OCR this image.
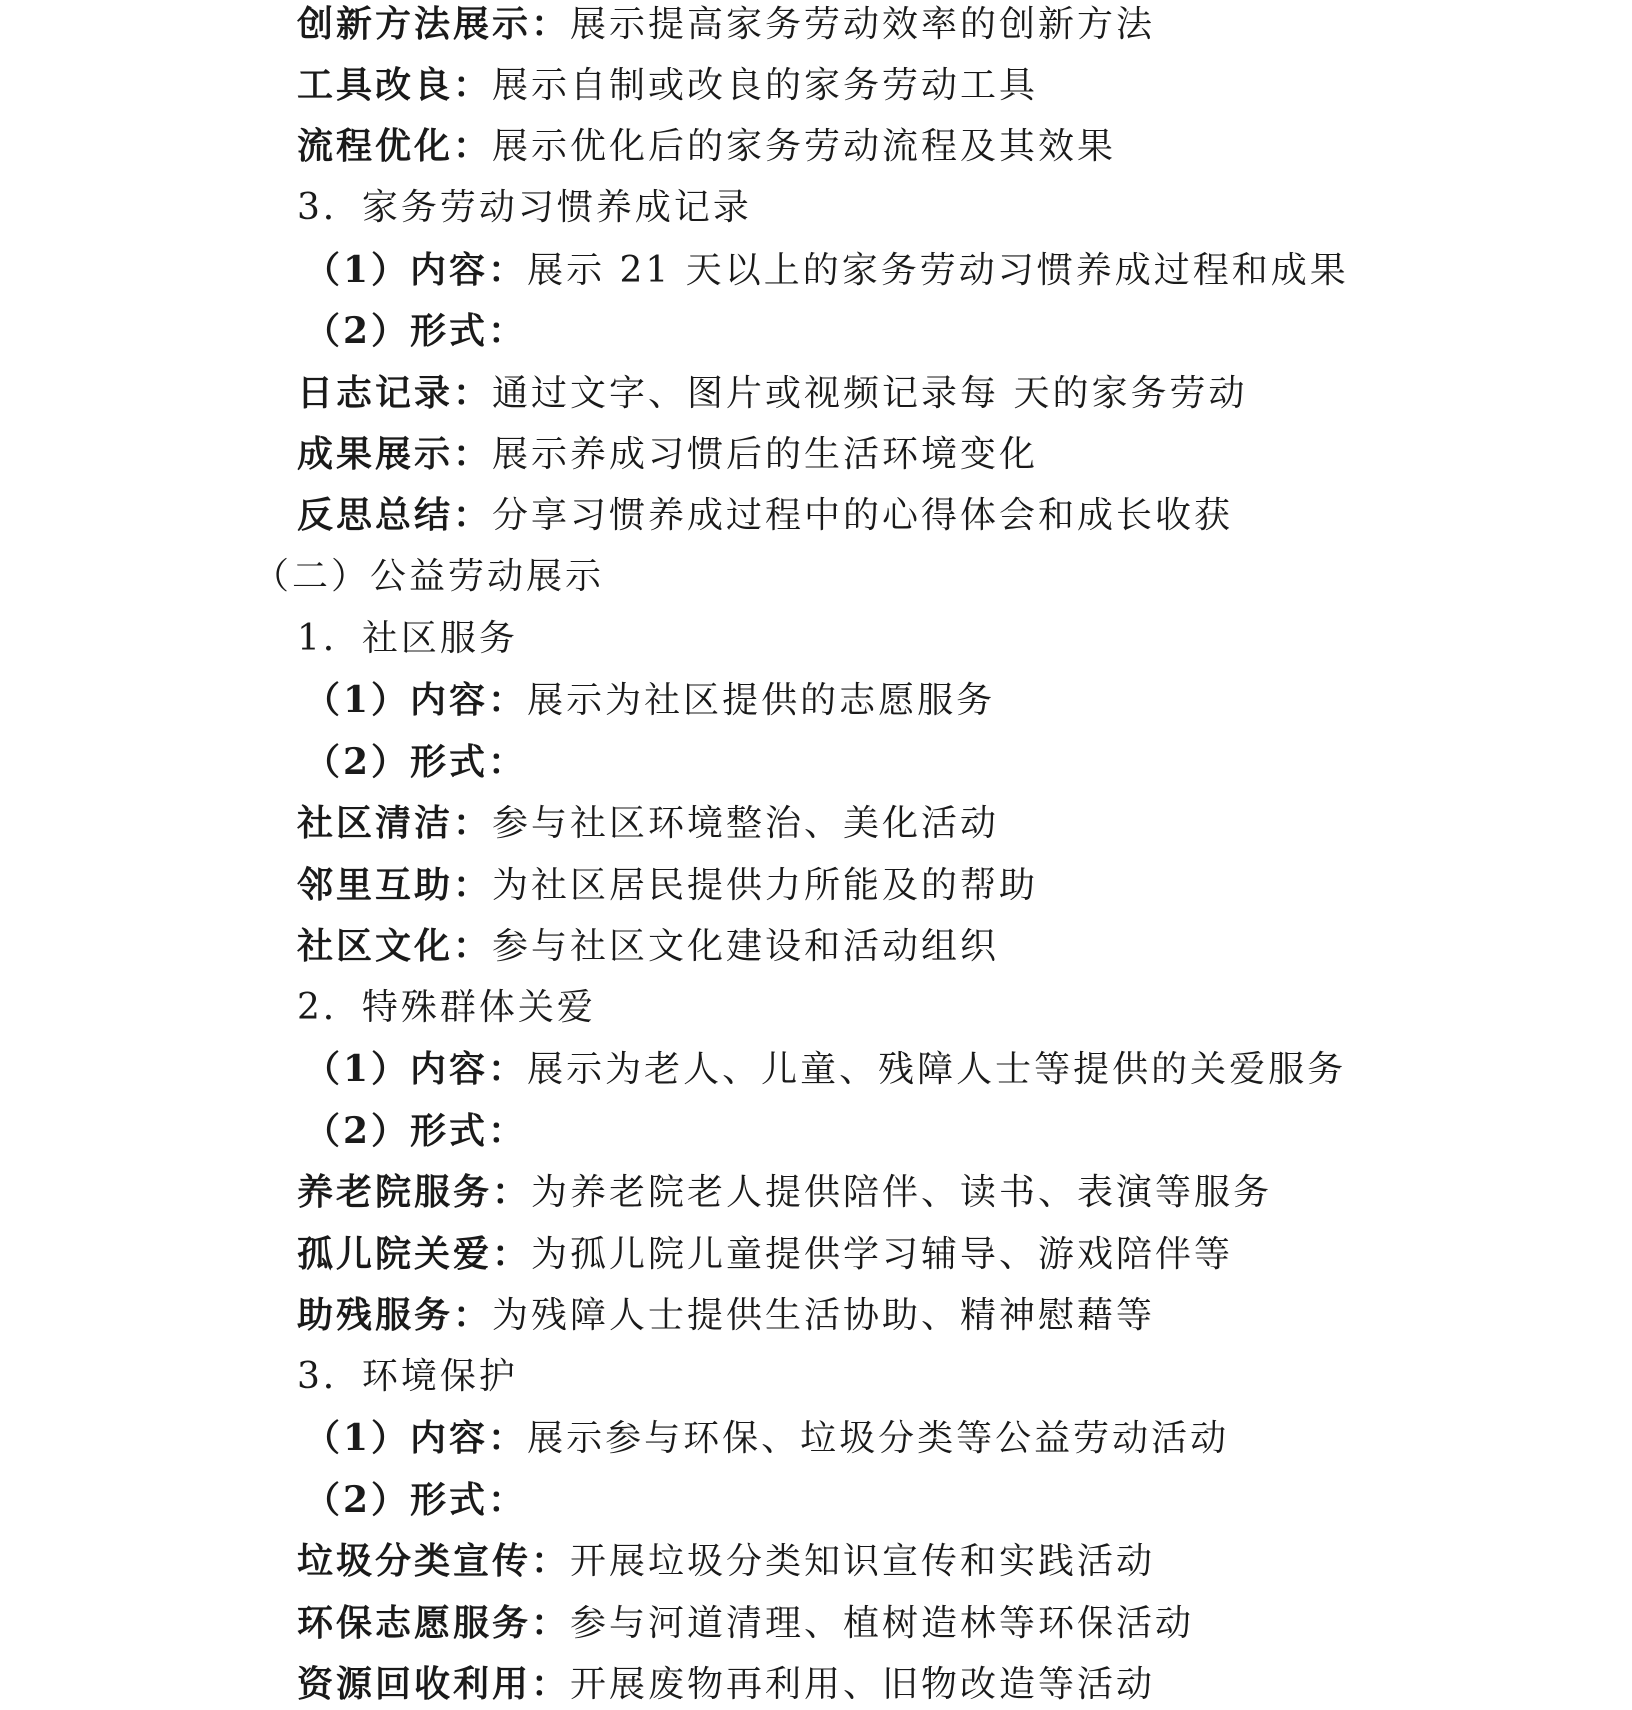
创新方法展示：展示提高家务劳动效率的创新方法
工具改良：展示自制或改良的家务劳动工具
流程优化：展示优化后的家务劳动流程及其效果
3．家务劳动习惯养成记录
（1）内容：展示 21 天以上的家务劳动习惯养成过程和成果
（2）形式：
日志记录：通过文字、图片或视频记录每 天的家务劳动
成果展示：展示养成习惯后的生活环境变化
反思总结：分享习惯养成过程中的心得体会和成长收获
（二）公益劳动展示
1．社区服务
（1）内容：展示为社区提供的志愿服务
（2）形式：
社区清洁：参与社区环境整治、美化活动
邻里互助：为社区居民提供力所能及的帮助
社区文化：参与社区文化建设和活动组织
2．特殊群体关爱
（1）内容：展示为老人、儿童、残障人士等提供的关爱服务
（2）形式：
养老院服务：为养老院老人提供陪伴、读书、表演等服务
孤儿院关爱：为孤儿院儿童提供学习辅导、游戏陪伴等
助残服务：为残障人士提供生活协助、精神慰藉等
3．环境保护
（1）内容：展示参与环保、垃圾分类等公益劳动活动
（2）形式：
垃圾分类宣传：开展垃圾分类知识宣传和实践活动
环保志愿服务：参与河道清理、植树造林等环保活动
资源回收利用：开展废物再利用、旧物改造等活动
